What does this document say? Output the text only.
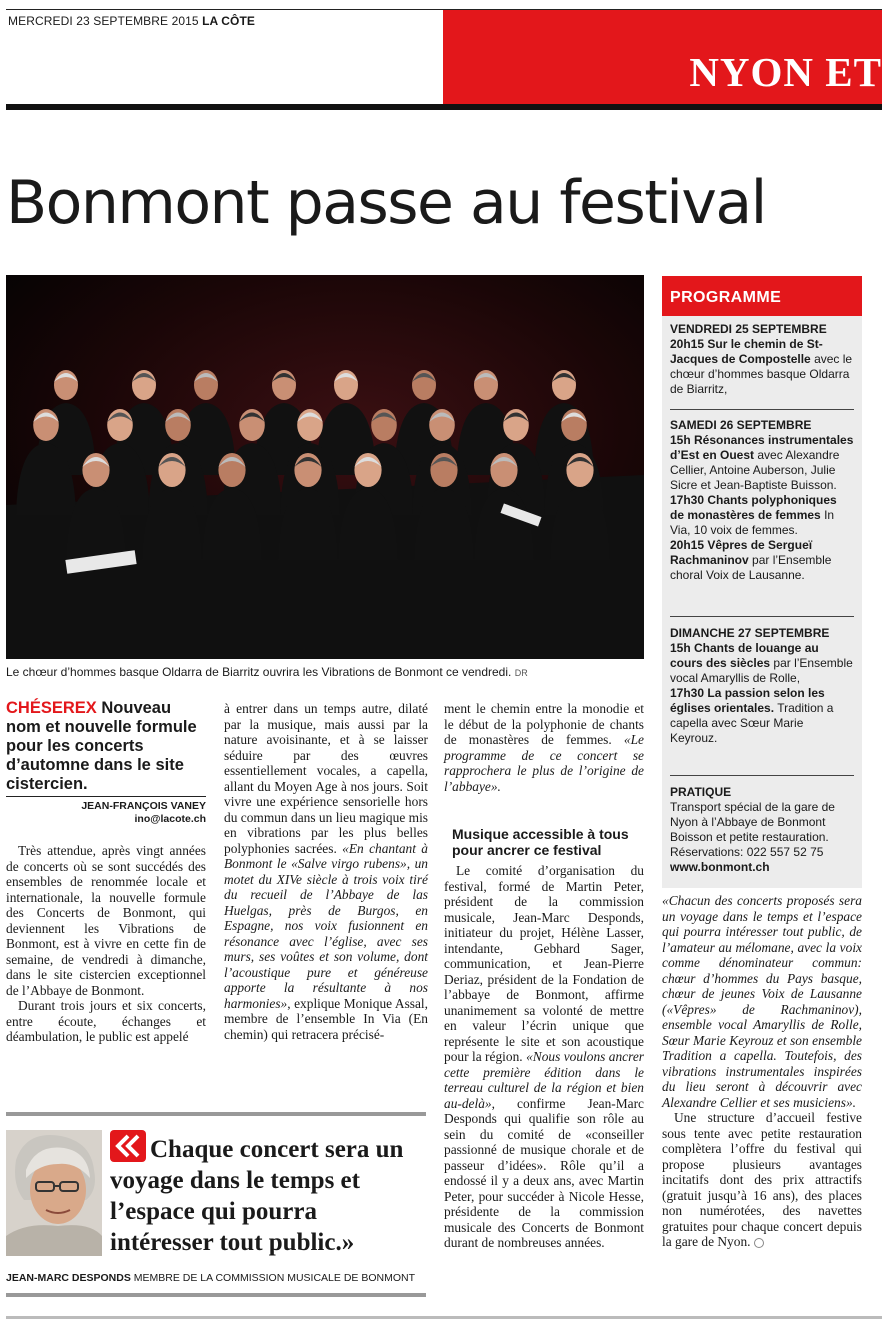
MERCREDI 23 SEPTEMBRE 2015 LA CÔTE
NYON ET
Bonmont passe au festival
Le chœur d’hommes basque Oldarra de Biarritz ouvrira les Vibrations de Bonmont ce vendredi. DR
CHÉSEREX Nouveau nom et nouvelle formule pour les concerts d’automne dans le site cistercien.
JEAN-FRANÇOIS VANEY
ino@lacote.ch

Très attendue, après vingt années de concerts où se sont succédés des ensembles de renommée locale et internationale, la nouvelle formule des Concerts de Bonmont, qui deviennent les Vibrations de Bonmont, est à vivre en cette fin de semaine, de vendredi à dimanche, dans le site cistercien exceptionnel de l’Abbaye de Bonmont.

Durant trois jours et six concerts, entre écoute, échanges et déambulation, le public est appelé

à entrer dans un temps autre, dilaté par la musique, mais aussi par la nature avoisinante, et à se laisser séduire par des œuvres essentiellement vocales, a capella, allant du Moyen Age à nos jours. Soit vivre une expérience sensorielle hors du commun dans un lieu magique mis en vibrations par les plus belles polyphonies sacrées. «En chantant à Bonmont le «Salve virgo rubens», un motet du XIVe siècle à trois voix tiré du recueil de l’Abbaye de las Huelgas, près de Burgos, en Espagne, nos voix fusionnent en résonance avec l’église, avec ses murs, ses voûtes et son volume, dont l’acoustique pure et généreuse apporte la résultante à nos harmonies», explique Monique Assal, membre de l’ensemble In Via (En chemin) qui retracera précisé-

ment le chemin entre la monodie et le début de la polyphonie de chants de monastères de femmes. «Le programme de ce concert se rapprochera le plus de l’origine de l’abbaye».

Musique accessible à tous pour ancrer ce festival

Le comité d’organisation du festival, formé de Martin Peter, président de la commission musicale, Jean-Marc Desponds, initiateur du projet, Hélène Lasser, intendante, Gebhard Sager, communication, et Jean-Pierre Deriaz, président de la Fondation de l’abbaye de Bonmont, affirme unanimement sa volonté de mettre en valeur l’écrin unique que représente le site et son acoustique pour la région. «Nous voulons ancrer cette première édition dans le terreau culturel de la région et bien au-delà», confirme Jean-Marc Desponds qui qualifie son rôle au sein du comité de «conseiller passionné de musique chorale et de passeur d’idées». Rôle qu’il a endossé il y a deux ans, avec Martin Peter, pour succéder à Nicole Hesse, présidente de la commission musicale des Concerts de Bonmont durant de nombreuses années.

PROGRAMME
VENDREDI 25 SEPTEMBRE
20h15 Sur le chemin de St-Jacques de Compostelle avec le chœur d’hommes basque Oldarra de Biarritz,
SAMEDI 26 SEPTEMBRE
15h Résonances instrumentales d’Est en Ouest avec Alexandre Cellier, Antoine Auberson, Julie Sicre et Jean-Baptiste Buisson.
17h30 Chants polyphoniques de monastères de femmes In Via, 10 voix de femmes.
20h15 Vêpres de Sergueï Rachmaninov par l’Ensemble choral Voix de Lausanne.
DIMANCHE 27 SEPTEMBRE
15h Chants de louange au cours des siècles par l’Ensemble vocal Amaryllis de Rolle,
17h30 La passion selon les églises orientales. Tradition a capella avec Sœur Marie Keyrouz.
PRATIQUE
Transport spécial de la gare de Nyon à l’Abbaye de Bonmont Boisson et petite restauration.
Réservations: 022 557 52 75
www.bonmont.ch

«Chacun des concerts proposés sera un voyage dans le temps et l’espace qui pourra intéresser tout public, de l’amateur au mélomane, avec la voix comme dénominateur commun: chœur d’hommes du Pays basque, chœur de jeunes Voix de Lausanne («Vêpres» de Rachmaninov), ensemble vocal Amaryllis de Rolle, Sœur Marie Keyrouz et son ensemble Tradition a capella. Toutefois, des vibrations instrumentales inspirées du lieu seront à découvrir avec Alexandre Cellier et ses musiciens».

Une structure d’accueil festive sous tente avec petite restauration complètera l’offre du festival qui propose plusieurs avantages incitatifs dont des prix attractifs (gratuit jusqu’à 16 ans), des places non numérotées, des navettes gratuites pour chaque concert depuis la gare de Nyon.

Chaque concert sera un voyage dans le temps et l’espace qui pourra intéresser tout public.»
JEAN-MARC DESPONDS MEMBRE DE LA COMMISSION MUSICALE DE BONMONT
